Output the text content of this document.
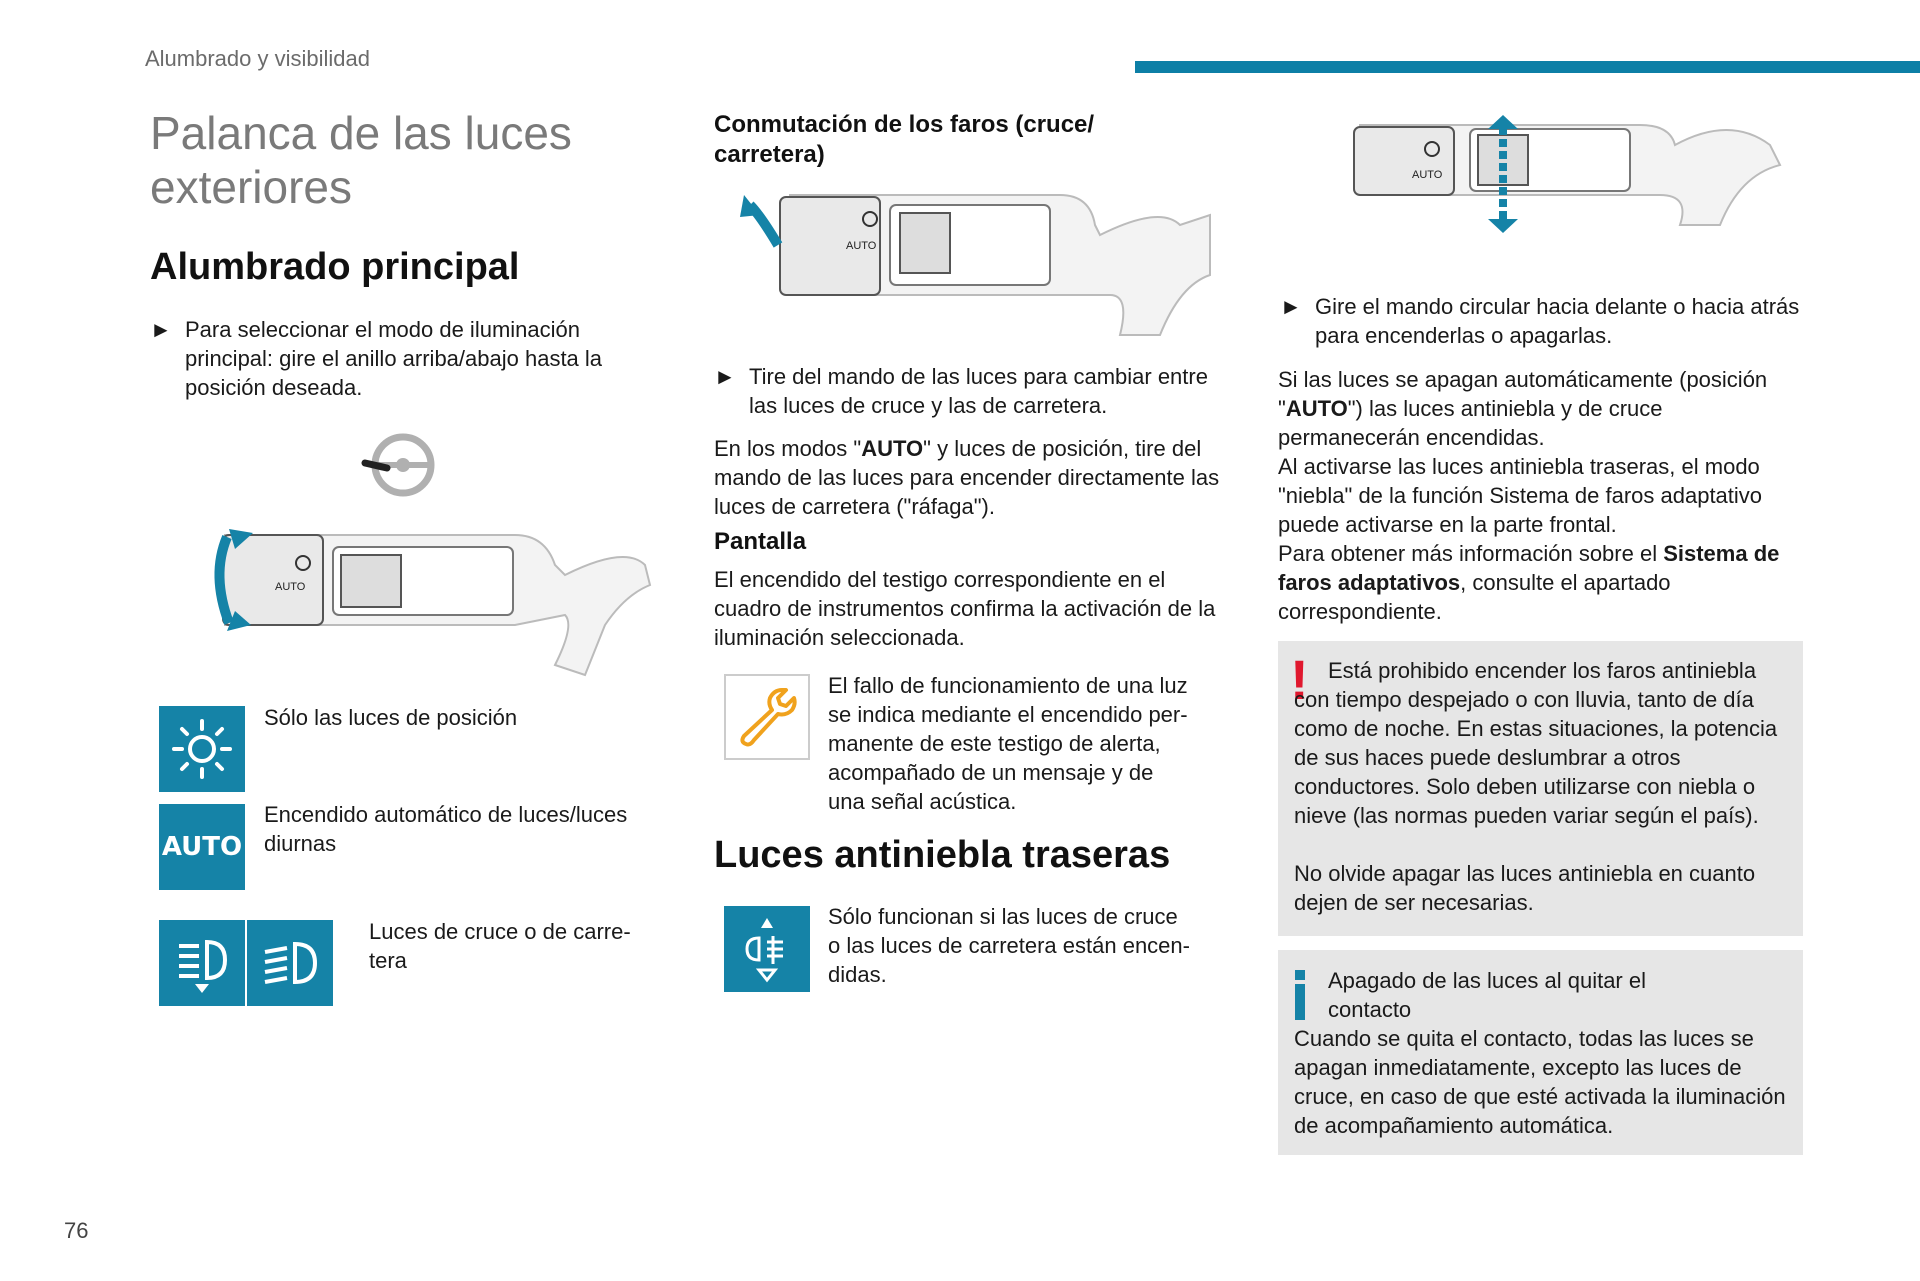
Alumbrado y visibilidad
76
Palanca de las luces
exteriores
Alumbrado principal
► Para seleccionar el modo de iluminación principal: gire el anillo arriba/abajo hasta la posición deseada.
AUTO
Sólo las luces de posición
AUTO
Encendido automático de luces/luces diurnas
Luces de cruce o de carre-
tera
Conmutación de los faros (cruce/ carretera)
AUTO
► Tire del mando de las luces para cambiar entre las luces de cruce y las de carretera.
En los modos "AUTO" y luces de posición, tire del mando de las luces para encender directamente las luces de carretera ("ráfaga").
Pantalla
El encendido del testigo correspondiente en el cuadro de instrumentos confirma la activación de la iluminación seleccionada.
El fallo de funcionamiento de una luz
se indica mediante el encendido per-
manente de este testigo de alerta,
acompañado de un mensaje y de
una señal acústica.
Luces antiniebla traseras
Sólo funcionan si las luces de cruce
o las luces de carretera están encen-
didas.
AUTO
► Gire el mando circular hacia delante o hacia atrás para encenderlas o apagarlas.
Si las luces se apagan automáticamente (posición "AUTO") las luces antiniebla y de cruce permanecerán encendidas.
Al activarse las luces antiniebla traseras, el modo "niebla" de la función Sistema de faros adaptativo puede activarse en la parte frontal.
Para obtener más información sobre el Sistema de faros adaptativos, consulte el apartado correspondiente.
! Está prohibido encender los faros antiniebla con tiempo despejado o con lluvia, tanto de día como de noche. En estas situaciones, la potencia de sus haces puede deslumbrar a otros conductores. Solo deben utilizarse con niebla o nieve (las normas pueden variar según el país).
No olvide apagar las luces antiniebla en cuanto dejen de ser necesarias.
Apagado de las luces al quitar el contacto
Cuando se quita el contacto, todas las luces se apagan inmediatamente, excepto las luces de cruce, en caso de que esté activada la iluminación de acompañamiento automática.
